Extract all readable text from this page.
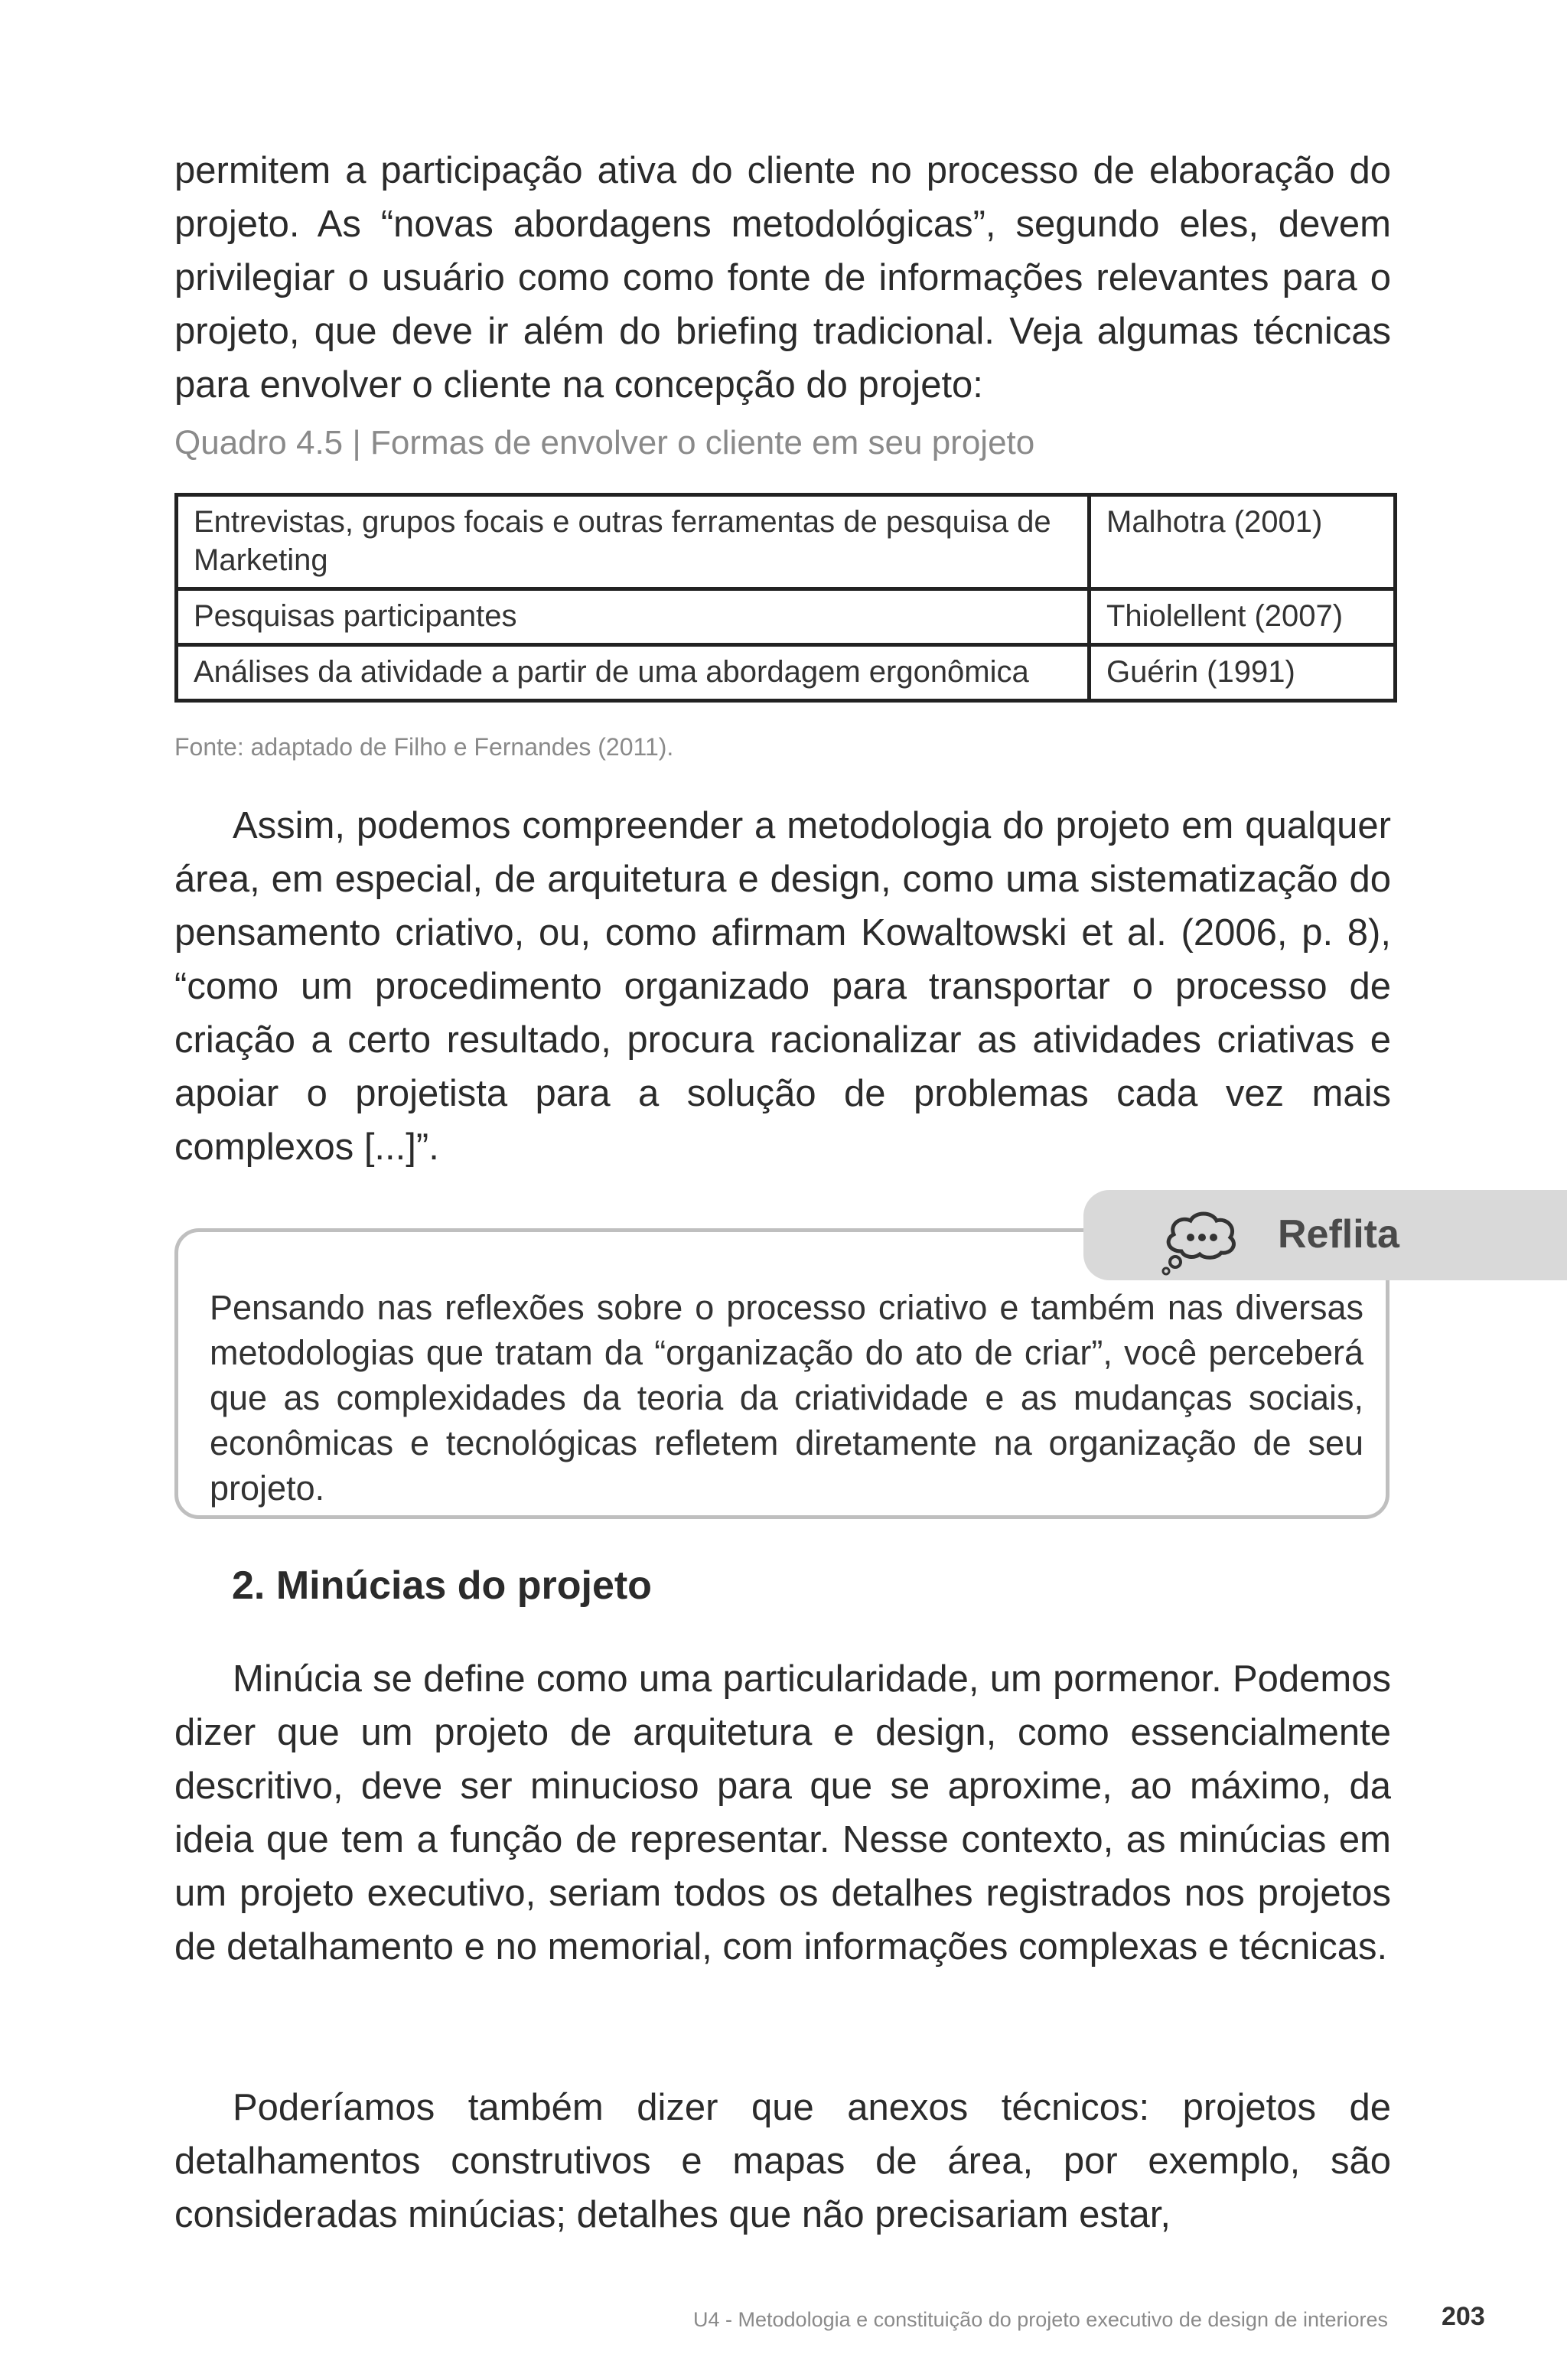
permitem a participação ativa do cliente no processo de elaboração do projeto. As “novas abordagens metodológicas”, segundo eles, devem privilegiar o usuário como como fonte de informações relevantes para o projeto, que deve ir além do briefing tradicional. Veja algumas técnicas para envolver o cliente na concepção do projeto:

Quadro 4.5 | Formas de envolver o cliente em seu projeto

Entrevistas, grupos focais e outras ferramentas de pesquisa de Marketing	Malhotra (2001)
Pesquisas participantes	Thiolellent (2007)
Análises da atividade a partir de uma abordagem ergonômica	Guérin (1991)

Fonte: adaptado de Filho e Fernandes (2011).

Assim, podemos compreender a metodologia do projeto em qualquer área, em especial, de arquitetura e design, como uma sistematização do pensamento criativo, ou, como afirmam Kowaltowski et al. (2006, p. 8), “como um procedimento organizado para transportar o processo de criação a certo resultado, procura racionalizar as atividades criativas e apoiar o projetista para a solução de problemas cada vez mais complexos [...]”.

Reflita

Pensando nas reflexões sobre o processo criativo e também nas diversas metodologias que tratam da “organização do ato de criar”, você perceberá que as complexidades da teoria da criatividade e as mudanças sociais, econômicas e tecnológicas refletem diretamente na organização de seu projeto.

2. Minúcias do projeto

Minúcia se define como uma particularidade, um pormenor. Podemos dizer que um projeto de arquitetura e design, como essencialmente descritivo, deve ser minucioso para que se aproxime, ao máximo, da ideia que tem a função de representar. Nesse contexto, as minúcias em um projeto executivo, seriam todos os detalhes registrados nos projetos de detalhamento e no memorial, com informações complexas e técnicas.

Poderíamos também dizer que anexos técnicos: projetos de detalhamentos construtivos e mapas de área, por exemplo, são consideradas minúcias; detalhes que não precisariam estar,

U4 - Metodologia e constituição do projeto executivo de design de interiores 203
